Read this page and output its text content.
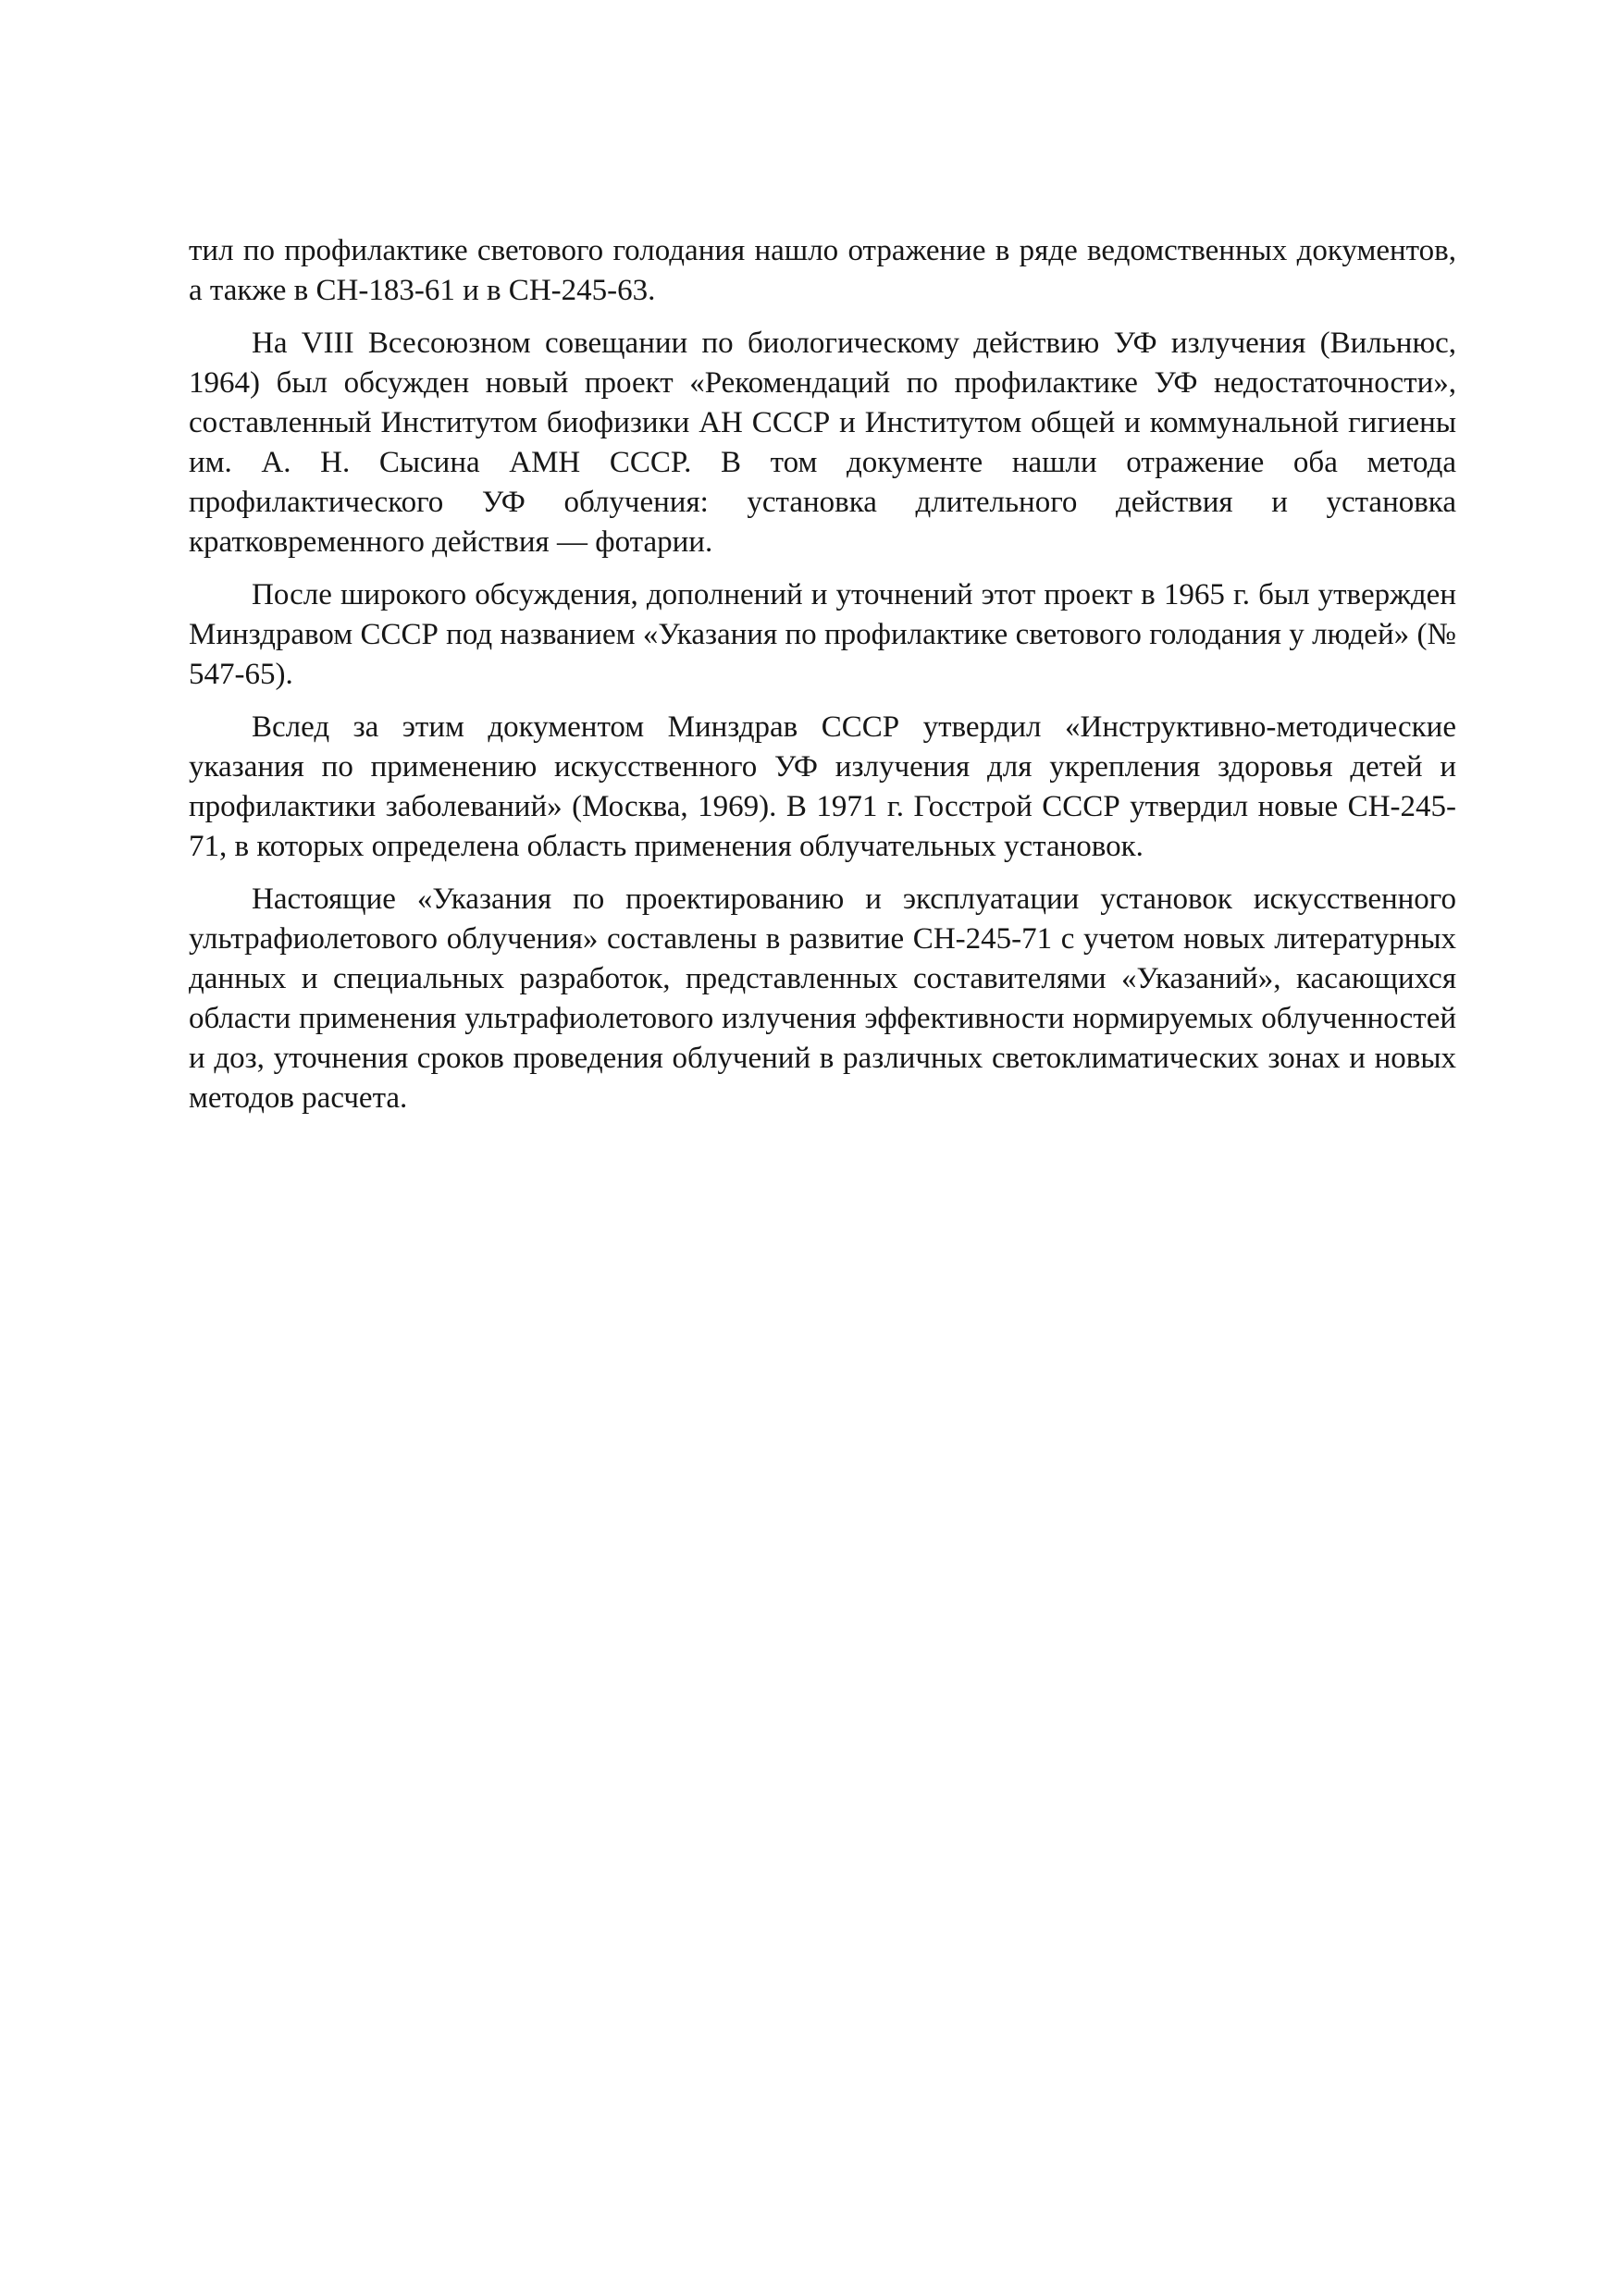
тил по профилактике светового голодания нашло отражение в ряде ведомственных документов, а также в СН-183-61 и в СН-245-63.

На VIII Всесоюзном совещании по биологическому действию УФ излучения (Вильнюс, 1964) был обсужден новый проект «Рекомендаций по профилактике УФ недостаточности», составленный Институтом биофизики АН СССР и Институтом общей и коммунальной гигиены им. А. Н. Сысина АМН СССР. В том документе нашли отражение оба метода профилактического УФ облучения: установка длительного действия и установка кратковременного действия — фотарии.

После широкого обсуждения, дополнений и уточнений этот проект в 1965 г. был утвержден Минздравом СССР под названием «Указания по профилактике светового голодания у людей» (№ 547-65).

Вслед за этим документом Минздрав СССР утвердил «Инструктивно-методические указания по применению искусственного УФ излучения для укрепления здоровья детей и профилактики заболеваний» (Москва, 1969). В 1971 г. Госстрой СССР утвердил новые СН-245-71, в которых определена область применения облучательных установок.

Настоящие «Указания по проектированию и эксплуатации установок искусственного ультрафиолетового облучения» составлены в развитие СН-245-71 с учетом новых литературных данных и специальных разработок, представленных составителями «Указаний», касающихся области применения ультрафиолетового излучения эффективности нормируемых облученностей и доз, уточнения сроков проведения облучений в различных светоклиматических зонах и новых методов расчета.
